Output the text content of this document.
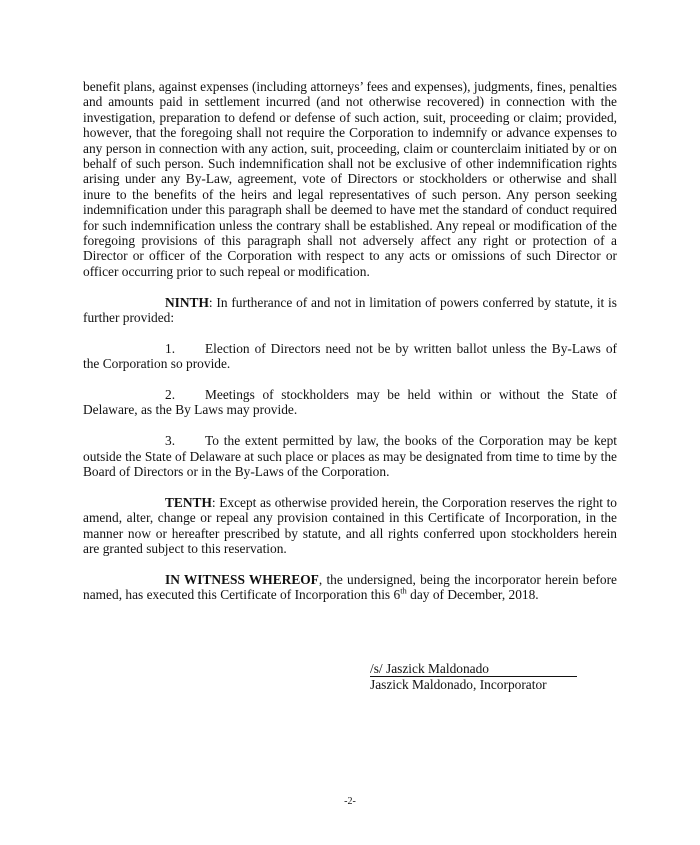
benefit plans, against expenses (including attorneys’ fees and expenses), judgments, fines, penalties and amounts paid in settlement incurred (and not otherwise recovered) in connection with the investigation, preparation to defend or defense of such action, suit, proceeding or claim; provided, however, that the foregoing shall not require the Corporation to indemnify or advance expenses to any person in connection with any action, suit, proceeding, claim or counterclaim initiated by or on behalf of such person. Such indemnification shall not be exclusive of other indemnification rights arising under any By-Law, agreement, vote of Directors or stockholders or otherwise and shall inure to the benefits of the heirs and legal representatives of such person. Any person seeking indemnification under this paragraph shall be deemed to have met the standard of conduct required for such indemnification unless the contrary shall be established. Any repeal or modification of the foregoing provisions of this paragraph shall not adversely affect any right or protection of a Director or officer of the Corporation with respect to any acts or omissions of such Director or officer occurring prior to such repeal or modification.

NINTH: In furtherance of and not in limitation of powers conferred by statute, it is further provided:

1. Election of Directors need not be by written ballot unless the By-Laws of the Corporation so provide.

2. Meetings of stockholders may be held within or without the State of Delaware, as the By Laws may provide.

3. To the extent permitted by law, the books of the Corporation may be kept outside the State of Delaware at such place or places as may be designated from time to time by the Board of Directors or in the By-Laws of the Corporation.

TENTH: Except as otherwise provided herein, the Corporation reserves the right to amend, alter, change or repeal any provision contained in this Certificate of Incorporation, in the manner now or hereafter prescribed by statute, and all rights conferred upon stockholders herein are granted subject to this reservation.

IN WITNESS WHEREOF, the undersigned, being the incorporator herein before named, has executed this Certificate of Incorporation this 6th day of December, 2018.

/s/ Jaszick Maldonado
Jaszick Maldonado, Incorporator
-2-
